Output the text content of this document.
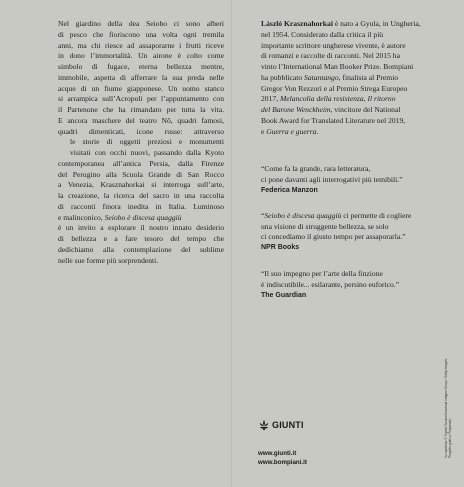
Nel giardino della dea Seiobo ci sono alberi
di pesco che fioriscono una volta ogni tremila
anni, ma chi riesce ad assaporarne i frutti riceve
in dono l’immortalità. Un airone è colto come
simbolo di fugace, eterna bellezza mentre,
immobile, aspetta di afferrare la sua preda nelle
acque di un fiume giapponese. Un uomo stanco
si arrampica sull’Acropoli per l’appuntamento con
il Partenone che ha rimandato per tutta la vita.
E ancora maschere del teatro Nō, quadri famosi,
quadri dimenticati, icone russe: attraverso
le storie di oggetti preziosi e monumenti
visitati con occhi nuovi, passando dalla Kyoto
contemporanea all’antica Persia, dalla Firenze
del Perugino alla Scuola Grande di San Rocco
a Venezia, Krasznahorkai si interroga sull’arte,
la creazione, la ricerca del sacro in una raccolta
di racconti finora inedita in Italia. Luminoso
e malinconico, Seiobo è discesa quaggiù
è un invito a esplorare il nostro innato desiderio
di bellezza e a fare tesoro del tempo che
dedichiamo alla contemplazione del sublime
nelle sue forme più sorprendenti.
László Krasznahorkai è nato a Gyula, in Ungheria,
nel 1954. Considerato dalla critica il più
importante scrittore ungherese vivente, è autore
di romanzi e raccolte di racconti. Nel 2015 ha
vinto l’International Man Booker Prize. Bompiani
ha pubblicato Satantango, finalista al Premio
Gregor Von Rezzori e al Premio Strega Europeo
2017, Melancolia della resistenza, Il ritorno
del Barone Wenckheim, vincitore del National
Book Award for Translated Literature nel 2019,
e Guerra e guerra.
“Come fa la grande, rara letteratura,
ci pone davanti agli interrogativi più temibili.”
Federica Manzon
“Seiobo è discesa quaggiù ci permette di cogliere
una visione di struggente bellezza, se solo
ci concediamo il giusto tempo per assaporarla.”
NPR Books
“Il suo impegno per l’arte della finzione
è indiscutibile... esilarante, persino euforico.”
The Guardian
In copertina: © Toyota Tsuneo/Universal Images Group / Getty Images. Progetto grafico: Polystudio.
GIUNTI
www.giunti.it
www.bompiani.it
